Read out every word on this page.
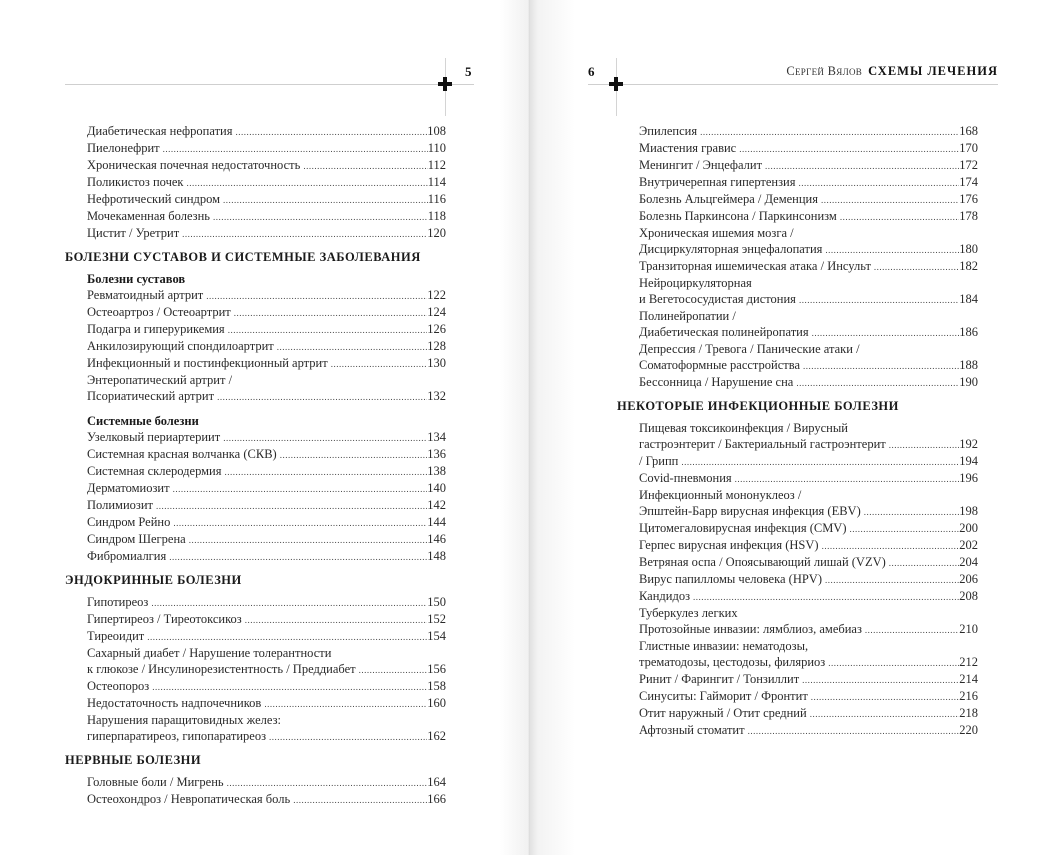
5
Диабетическая нефропатия .....	108
Пиелонефрит .....	110
Хроническая почечная недостаточность .....	112
Поликистоз почек .....	114
Нефротический синдром .....	116
Мочекаменная болезнь .....	118
Цистит / Уретрит .....	120
БОЛЕЗНИ СУСТАВОВ И СИСТЕМНЫЕ ЗАБОЛЕВАНИЯ
Болезни суставов
Ревматоидный артрит .....	122
Остеоартроз / Остеоартрит .....	124
Подагра и гиперурикемия .....	126
Анкилозирующий спондилоартрит .....	128
Инфекционный и постинфекционный артрит .....	130
Энтеропатический артрит /
Псориатический артрит .....	132
Системные болезни
Узелковый периартериит .....	134
Системная красная волчанка (СКВ) .....	136
Системная склеродермия .....	138
Дерматомиозит .....	140
Полимиозит .....	142
Синдром Рейно .....	144
Синдром Шегрена .....	146
Фибромиалгия .....	148
ЭНДОКРИННЫЕ БОЛЕЗНИ
Гипотиреоз .....	150
Гипертиреоз / Тиреотоксикоз .....	152
Тиреоидит .....	154
Сахарный диабет / Нарушение толерантности
к глюкозе / Инсулинорезистентность / Преддиабет .....	156
Остеопороз .....	158
Недостаточность надпочечников .....	160
Нарушения паращитовидных желез:
гиперпаратиреоз, гипопаратиреоз .....	162
НЕРВНЫЕ БОЛЕЗНИ
Головные боли / Мигрень .....	164
Остеохондроз / Невропатическая боль .....	166
6	Сергей Вялов СХЕМЫ ЛЕЧЕНИЯ
Эпилепсия .....	168
Миастения гравис .....	170
Менингит / Энцефалит .....	172
Внутричерепная гипертензия .....	174
Болезнь Альцгеймера / Деменция .....	176
Болезнь Паркинсона / Паркинсонизм .....	178
Хроническая ишемия мозга /
Дисциркуляторная энцефалопатия .....	180
Транзиторная ишемическая атака / Инсульт .....	182
Нейроциркуляторная
и Вегетососудистая дистония .....	184
Полинейропатии /
Диабетическая полинейропатия .....	186
Депрессия / Тревога / Панические атаки /
Соматоформные расстройства .....	188
Бессонница / Нарушение сна .....	190
НЕКОТОРЫЕ ИНФЕКЦИОННЫЕ БОЛЕЗНИ
Пищевая токсикоинфекция / Вирусный
гастроэнтерит / Бактериальный гастроэнтерит .....	192
/ Грипп .....	194
Covid-пневмония .....	196
Инфекционный мононуклеоз /
Эпштейн-Барр вирусная инфекция (EBV) .....	198
Цитомегаловирусная инфекция (CMV) .....	200
Герпес вирусная инфекция (HSV) .....	202
Ветряная оспа / Опоясывающий лишай (VZV) .....	204
Вирус папилломы человека (HPV) .....	206
Кандидоз .....	208
Туберкулез легких
Протозойные инвазии: лямблиоз, амебиаз .....	210
Глистные инвазии: нематодозы,
трематодозы, цестодозы, филяриоз .....	212
Ринит / Фарингит / Тонзиллит .....	214
Синуситы: Гайморит / Фронтит .....	216
Отит наружный / Отит средний .....	218
Афтозный стоматит .....	220
